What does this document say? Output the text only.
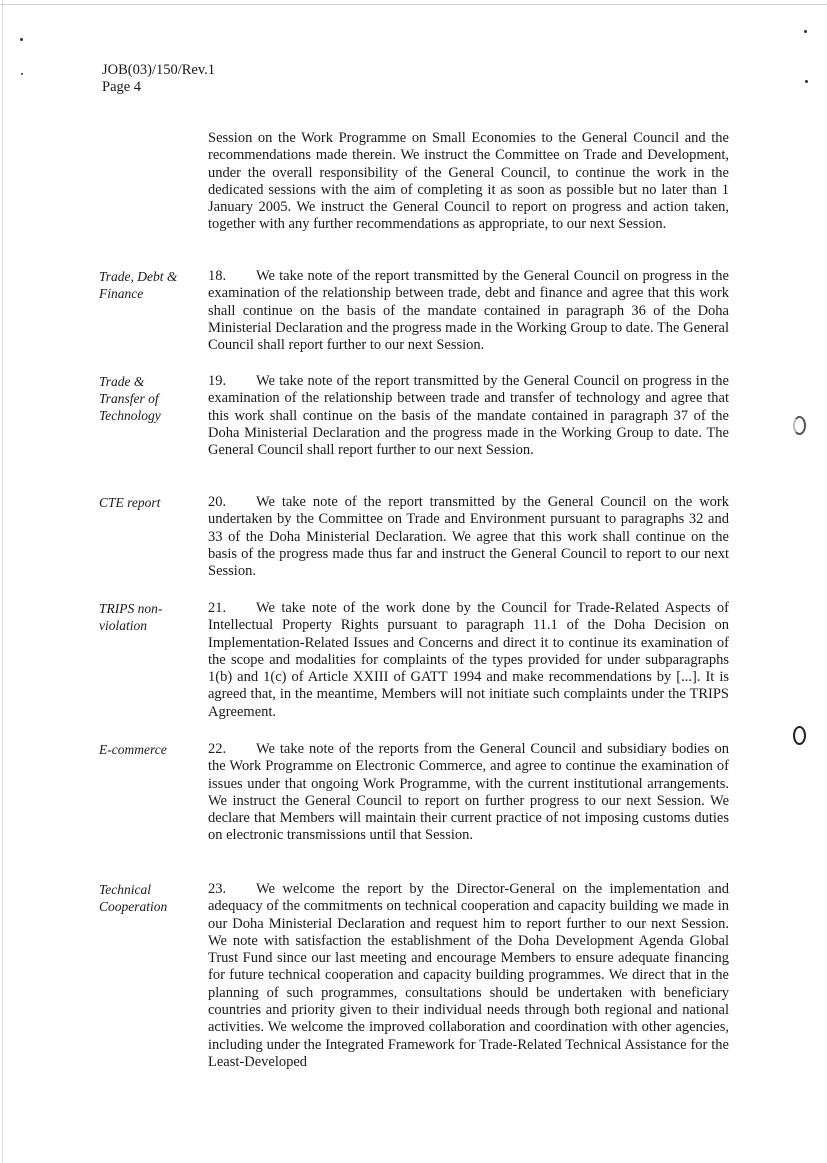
JOB(03)/150/Rev.1
Page 4

Session on the Work Programme on Small Economies to the General Council and the recommendations made therein. We instruct the Committee on Trade and Development, under the overall responsibility of the General Council, to continue the work in the dedicated sessions with the aim of completing it as soon as possible but no later than 1 January 2005. We instruct the General Council to report on progress and action taken, together with any further recommendations as appropriate, to our next Session.

Trade, Debt & Finance

18. We take note of the report transmitted by the General Council on progress in the examination of the relationship between trade, debt and finance and agree that this work shall continue on the basis of the mandate contained in paragraph 36 of the Doha Ministerial Declaration and the progress made in the Working Group to date. The General Council shall report further to our next Session.

Trade & Transfer of Technology

19. We take note of the report transmitted by the General Council on progress in the examination of the relationship between trade and transfer of technology and agree that this work shall continue on the basis of the mandate contained in paragraph 37 of the Doha Ministerial Declaration and the progress made in the Working Group to date. The General Council shall report further to our next Session.

CTE report	20. We take note of the report transmitted by the General Council on the work undertaken by the Committee on Trade and Environment pursuant to paragraphs 32 and 33 of the Doha Ministerial Declaration. We agree that this work shall continue on the basis of the progress made thus far and instruct the General Council to report to our next Session.

TRIPS non-violation

21. We take note of the work done by the Council for Trade-Related Aspects of Intellectual Property Rights pursuant to paragraph 11.1 of the Doha Decision on Implementation-Related Issues and Concerns and direct it to continue its examination of the scope and modalities for complaints of the types provided for under subparagraphs 1(b) and 1(c) of Article XXIII of GATT 1994 and make recommendations by [...]. It is agreed that, in the meantime, Members will not initiate such complaints under the TRIPS Agreement.

E-commerce	22. We take note of the reports from the General Council and subsidiary bodies on the Work Programme on Electronic Commerce, and agree to continue the examination of issues under that ongoing Work Programme, with the current institutional arrangements. We instruct the General Council to report on further progress to our next Session. We declare that Members will maintain their current practice of not imposing customs duties on electronic transmissions until that Session.

Technical Cooperation

23. We welcome the report by the Director-General on the implementation and adequacy of the commitments on technical cooperation and capacity building we made in our Doha Ministerial Declaration and request him to report further to our next Session. We note with satisfaction the establishment of the Doha Development Agenda Global Trust Fund since our last meeting and encourage Members to ensure adequate financing for future technical cooperation and capacity building programmes. We direct that in the planning of such programmes, consultations should be undertaken with beneficiary countries and priority given to their individual needs through both regional and national activities. We welcome the improved collaboration and coordination with other agencies, including under the Integrated Framework for Trade-Related Technical Assistance for the Least-Developed
